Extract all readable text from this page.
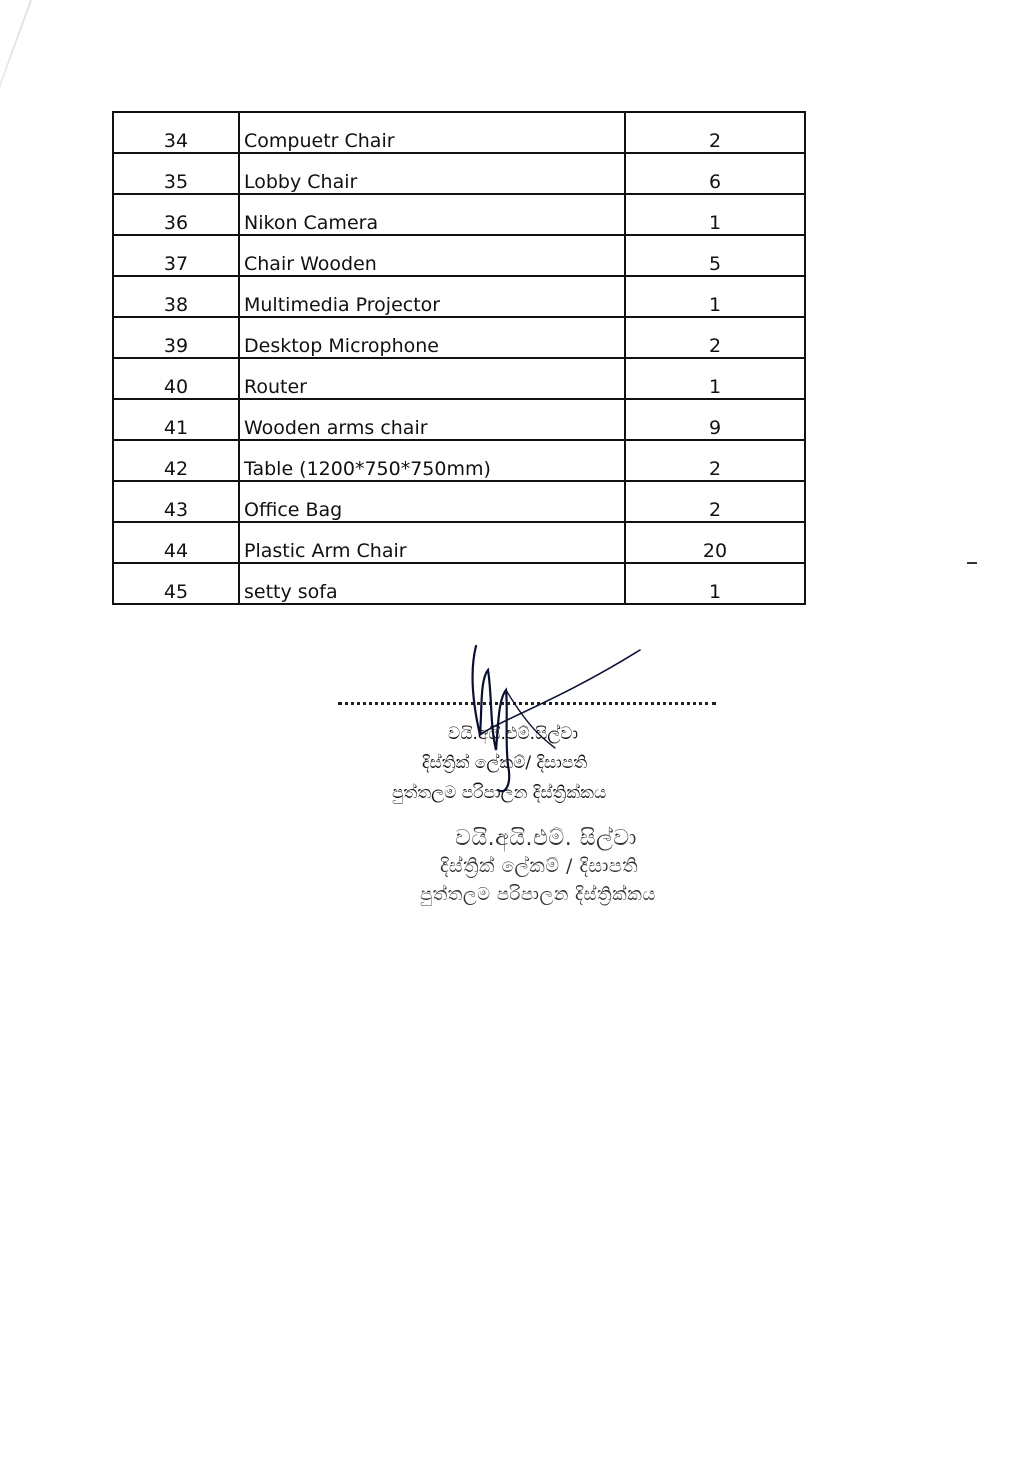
34	Compuetr Chair	2
35	Lobby Chair	6
36	Nikon Camera	1
37	Chair Wooden	5
38	Multimedia Projector	1
39	Desktop Microphone	2
40	Router	1
41	Wooden arms chair	9
42	Table (1200*750*750mm)	2
43	Office Bag	2
44	Plastic Arm Chair	20
45	setty sofa	1
වයි.අයි.එම්.සිල්වා
දිස්ත්‍රික් ලේකම්/ දිසාපති
පුත්තලම පරිපාලන දිස්ත්‍රික්කය
වයි.අයි.එම්. සිල්වා
දිස්ත්‍රික් ලේකම් / දිසාපති
පුත්තලම පරිපාලන දිස්ත්‍රික්කය
